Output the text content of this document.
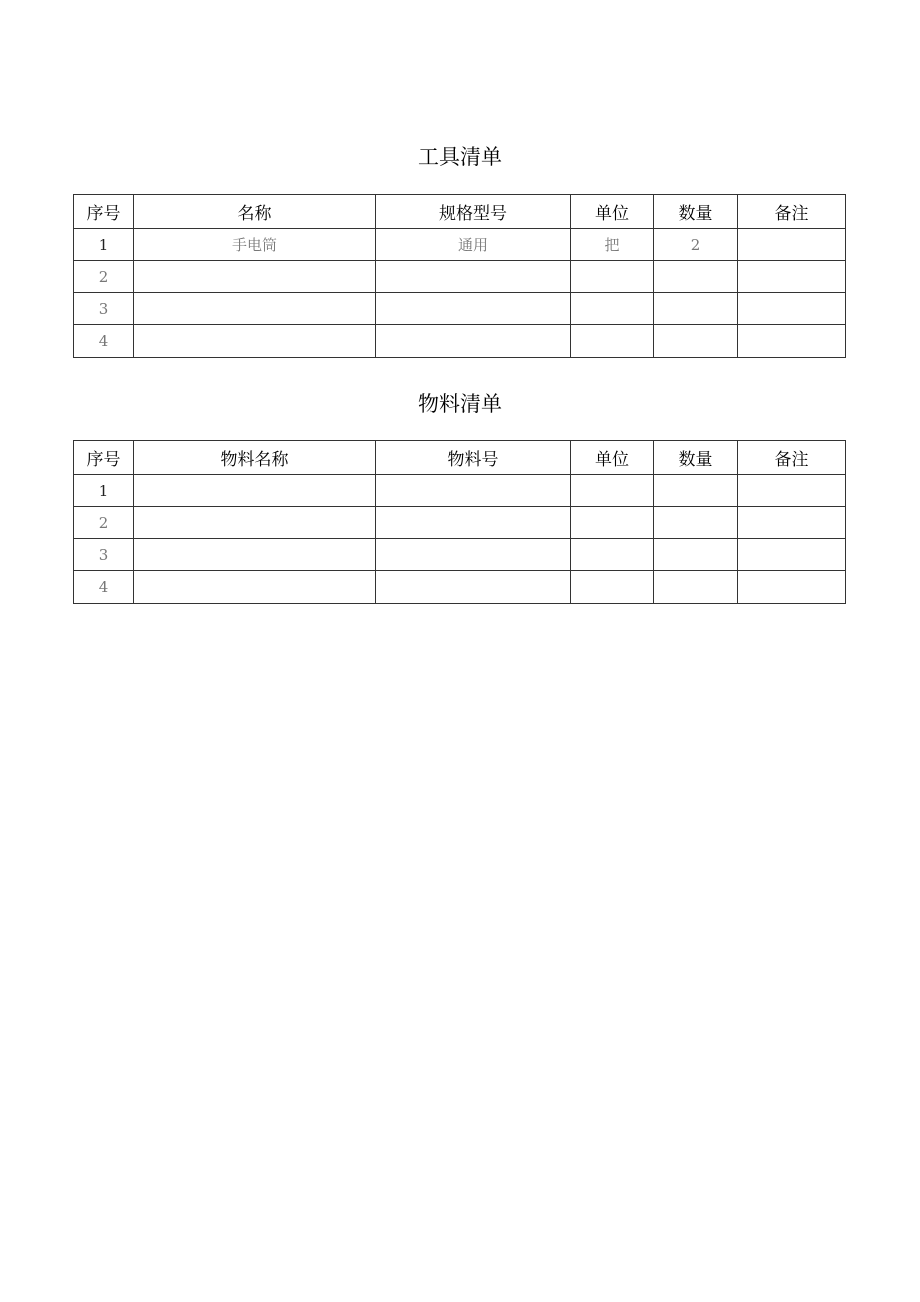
工具清单
序号	名称	规格型号	单位	数量	备注
1	手电筒	通用	把	2	
2					
3					
4					
物料清单
序号	物料名称	物料号	单位	数量	备注
1					
2					
3					
4					
